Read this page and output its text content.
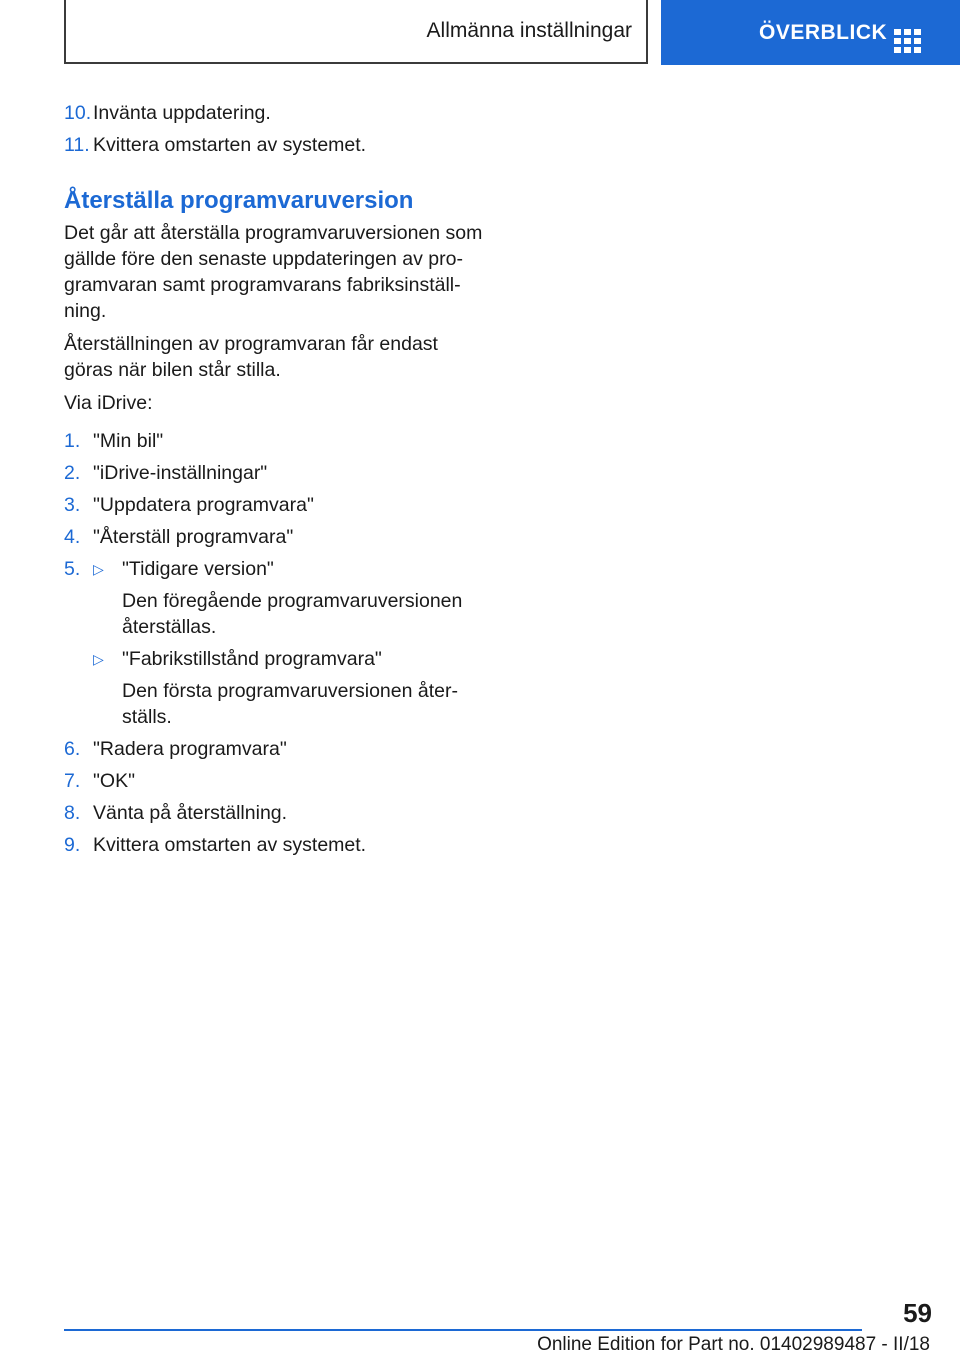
Allmänna inställningar	ÖVERBLICK
10. Invänta uppdatering.
11. Kvittera omstarten av systemet.
Återställa programvaruversion

Det går att återställa programvaruversionen som gällde före den senaste uppdateringen av programvaran samt programvarans fabriksinställning.

Återställningen av programvaran får endast göras när bilen står stilla.

Via iDrive:

1. "Min bil"
2. "iDrive-inställningar"
3. "Uppdatera programvara"
4. "Återställ programvara"
5. ▷ "Tidigare version"
Den föregående programvaruversionen återställas.
▷ "Fabrikstillstånd programvara"
Den första programvaruversionen återställs.
6. "Radera programvara"
7. "OK"
8. Vänta på återställning.
9. Kvittera omstarten av systemet.
59
Online Edition for Part no. 01402989487 - II/18
